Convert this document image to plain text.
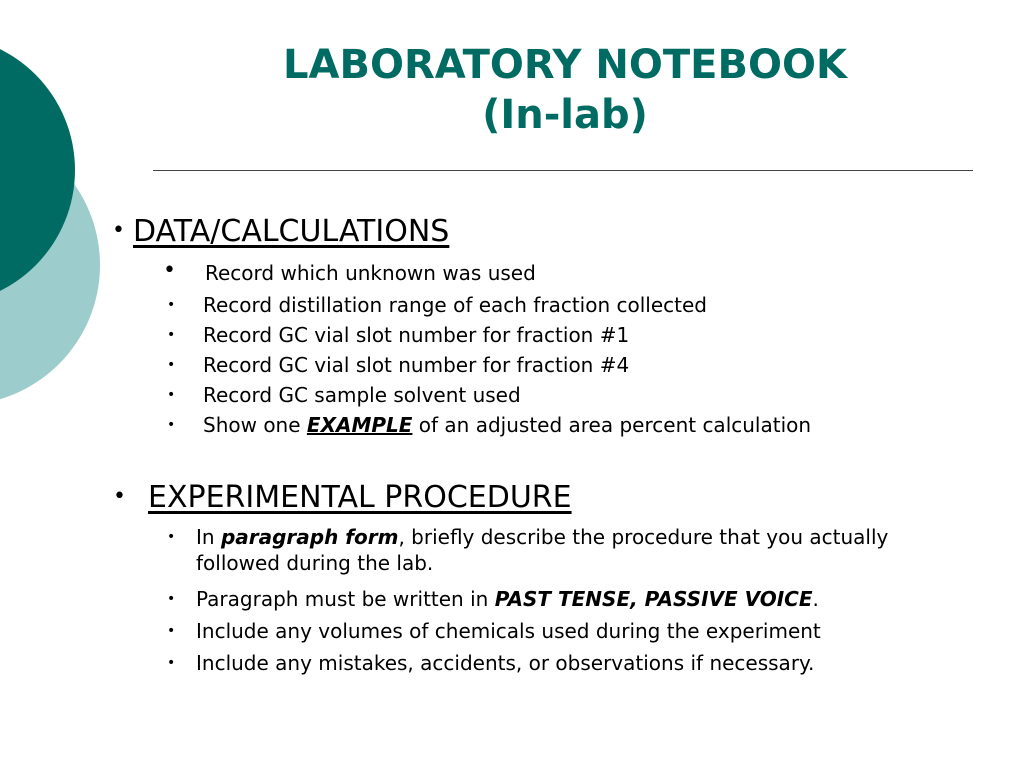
LABORATORY NOTEBOOK
(In-lab)
• DATA/CALCULATIONS
• Record which unknown was used
• Record distillation range of each fraction collected
• Record GC vial slot number for fraction #1
• Record GC vial slot number for fraction #4
• Record GC sample solvent used
• Show one EXAMPLE of an adjusted area percent calculation
• EXPERIMENTAL PROCEDURE
• In paragraph form, briefly describe the procedure that you actually followed during the lab.
• Paragraph must be written in PAST TENSE, PASSIVE VOICE.
• Include any volumes of chemicals used during the experiment
• Include any mistakes, accidents, or observations if necessary.
